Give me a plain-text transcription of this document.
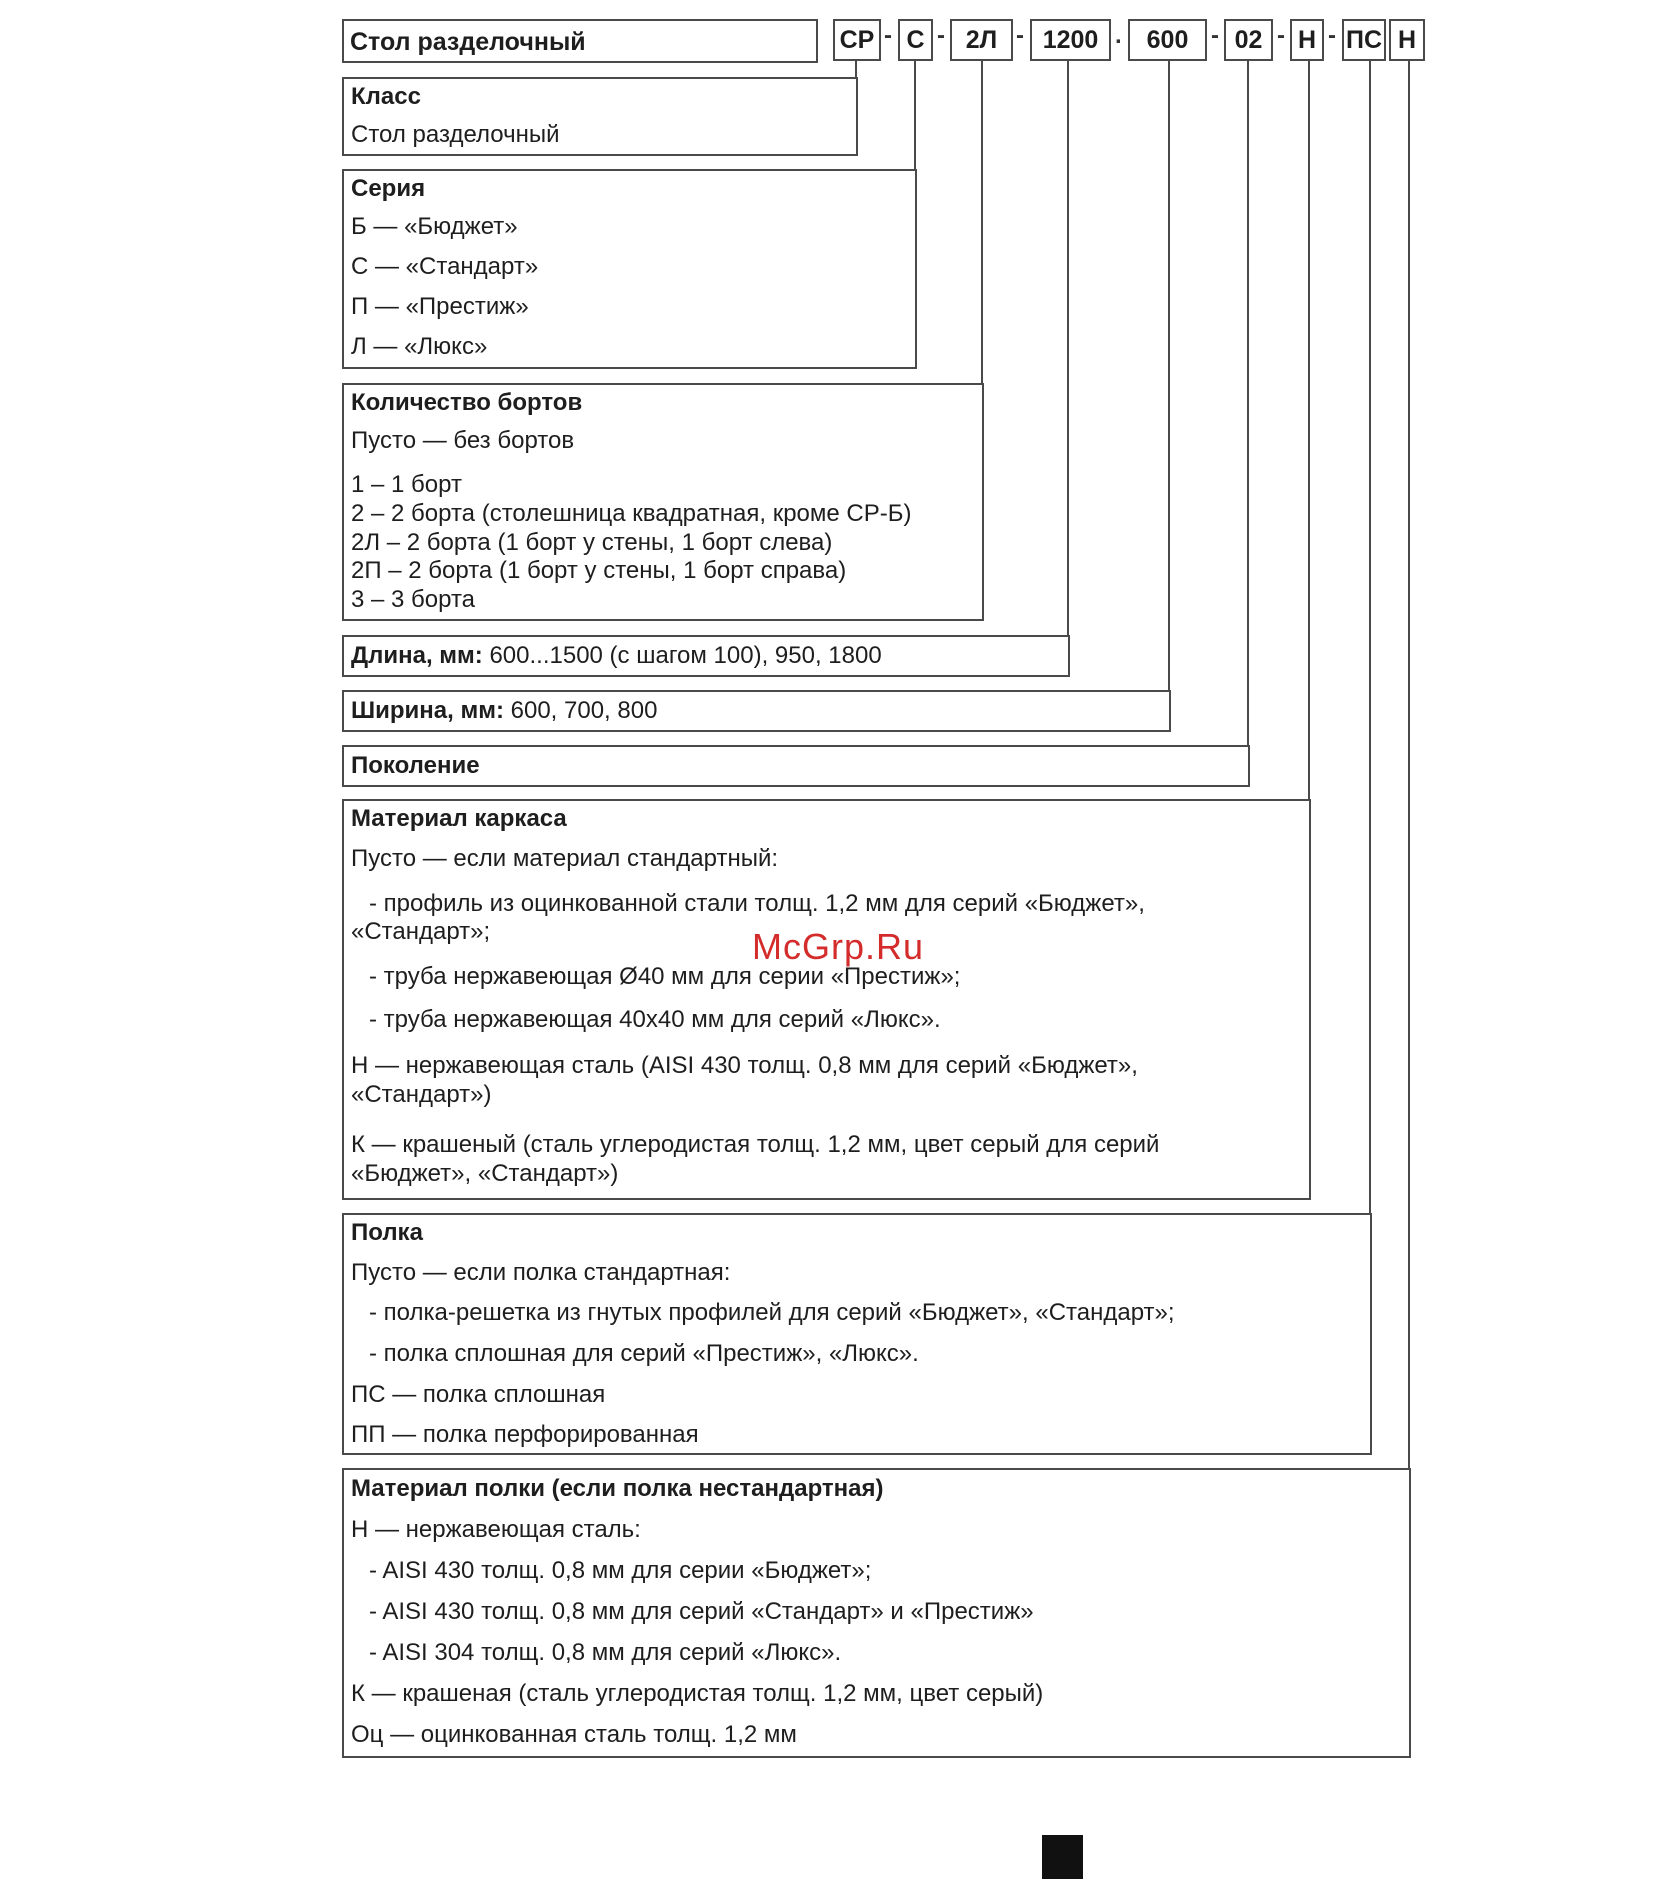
Стол разделочный	СР	С	2Л	1200	600	02	Н	ПС Н
- -	-	.	- - -
Класс
Стол разделочный
Серия
Б — «Бюджет»
С — «Стандарт»
П — «Престиж»
Л — «Люкс»
Количество бортов
Пусто — без бортов
1 – 1 борт
2 – 2 борта (столешница квадратная, кроме СР-Б)
2Л – 2 борта (1 борт у стены, 1 борт слева)
2П – 2 борта (1 борт у стены, 1 борт справа)
3 – 3 борта
Длина, мм: 600...1500 (с шагом 100), 950, 1800
Ширина, мм: 600, 700, 800
Поколение
Материал каркаса
Пусто — если материал стандартный:
- профиль из оцинкованной стали толщ. 1,2 мм для серий «Бюджет»,
«Стандарт»;
- труба нержавеющая Ø40 мм для серии «Престиж»;
- труба нержавеющая 40х40 мм для серий «Люкс».
Н — нержавеющая сталь (AISI 430 толщ. 0,8 мм для серий «Бюджет»,
«Стандарт»)
К — крашеный (сталь углеродистая толщ. 1,2 мм, цвет серый для серий
«Бюджет», «Стандарт»)
Полка
Пусто — если полка стандартная:
- полка-решетка из гнутых профилей для серий «Бюджет», «Стандарт»;
- полка сплошная для серий «Престиж», «Люкс».
ПС — полка сплошная
ПП — полка перфорированная
Материал полки (если полка нестандартная)
Н — нержавеющая сталь:
- AISI 430 толщ. 0,8 мм для серии «Бюджет»;
- AISI 430 толщ. 0,8 мм для серий «Стандарт» и «Престиж»
- AISI 304 толщ. 0,8 мм для серий «Люкс».
К — крашеная (сталь углеродистая толщ. 1,2 мм, цвет серый)
Оц — оцинкованная сталь толщ. 1,2 мм
McGrp.Ru
